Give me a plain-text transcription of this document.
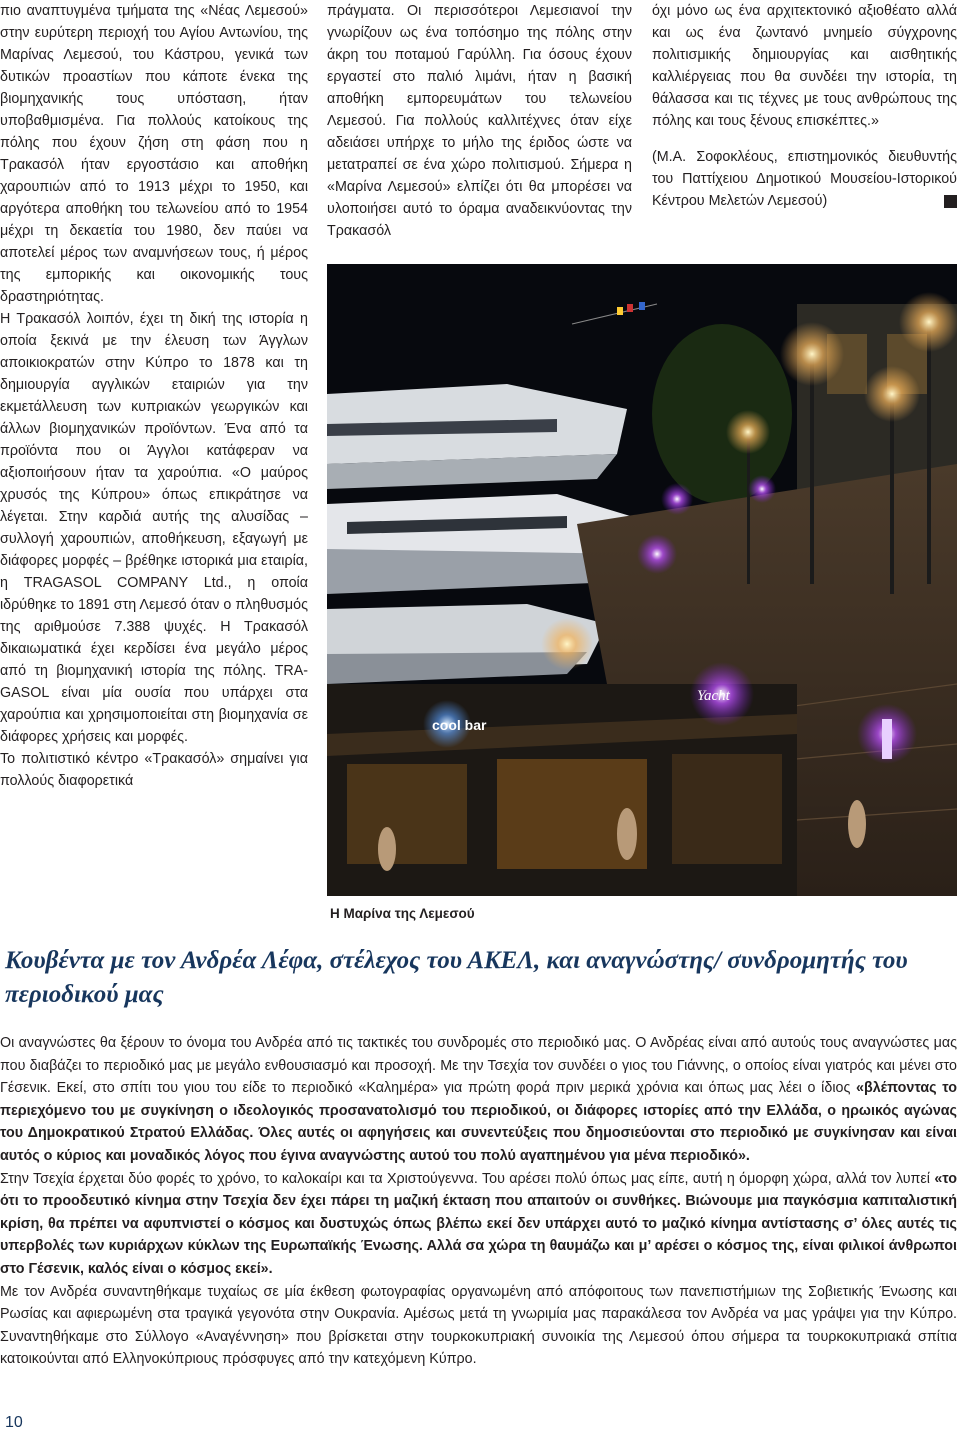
πιο αναπτυγμένα τμήματα της «Νέας Λεμεσού» στην ευρύτερη περιοχή του Αγίου Αντωνίου, της Μαρίνας Λεμεσού, του Κάστρου, γενικά των δυτικών προαστίων που κάποτε ένεκα της βιομηχανικής τους υπόσταση, ήταν υποβαθμισμένα. Για πολλούς κατοίκους της πόλης που έχουν ζήση στη φάση που η Τρακασόλ ήταν εργοστάσιο και αποθήκη χαρουπιών από το 1913 μέχρι το 1950, και αργότερα αποθήκη του τελωνείου από το 1954 μέχρι τη δεκαετία του 1980, δεν παύει να αποτελεί μέρος των αναμνήσεων τους, ή μέρος της εμπορικής και οικονομικής τους δραστηριότητας.

Η Τρακασόλ λοιπόν, έχει τη δική της ιστορία η οποία ξεκινά με την έλευση των Άγγλων αποικιοκρατών στην Κύπρο το 1878 και τη δημιουργία αγγλικών εταιριών για την εκμετάλλευση των κυπριακών γεωργικών και άλλων βιομηχανικών προϊόντων. Ένα από τα προϊόντα που οι Άγγλοι κατάφεραν να αξιοποιήσουν ήταν τα χαρούπια. «Ο μαύρος χρυσός της Κύπρου» όπως επικράτησε να λέγεται. Στην καρδιά αυτής της αλυσίδας – συλλογή χαρουπιών, αποθήκευση, εξαγωγή με διάφορες μορφές – βρέθηκε ιστορικά μια εταιρία, η TRAGASOL COMPANY Ltd., η οποία ιδρύθηκε το 1891 στη Λεμεσό όταν ο πληθυσμός της αριθμούσε 7.388 ψυχές. Η Τρακασόλ δικαιωματικά έχει κερδίσει ένα μεγάλο μέρος από τη βιομηχανική ιστορία της πόλης. TRA-GASOL είναι μία ουσία που υπάρχει στα χαρούπια και χρησιμοποιείται στη βιομηχανία σε διάφορες χρήσεις και μορφές.

Το πολιτιστικό κέντρο «Τρακασόλ» σημαίνει για πολλούς διαφορετικά

πράγματα. Οι περισσότεροι Λεμεσιανοί την γνωρίζουν ως ένα τοπόσημο της πόλης στην άκρη του ποταμού Γαρύλλη. Για όσους έχουν εργαστεί στο παλιό λιμάνι, ήταν η βασική αποθήκη εμπορευμάτων του τελωνείου Λεμεσού. Για πολλούς καλλιτέχνες όταν είχε αδειάσει υπήρχε το μήλο της έριδος ώστε να μετατραπεί σε ένα χώρο πολιτισμού. Σήμερα η «Μαρίνα Λεμεσού» ελπίζει ότι θα μπορέσει να υλοποιήσει αυτό το όραμα αναδεικνύοντας την Τρακασόλ

όχι μόνο ως ένα αρχιτεκτονικό αξιοθέατο αλλά και ως ένα ζωντανό μνημείο σύγχρονης πολιτισμικής δημιουργίας και αισθητικής καλλιέργειας που θα συνδέει την ιστορία, τη θάλασσα και τις τέχνες με τους ανθρώπους της πόλης και τους ξένους επισκέπτες.»

(Μ.Α. Σοφοκλέους, επιστημονικός διευθυντής του Παττίχειου Δημοτικού Μουσείου-Ιστορικού Κέντρου Μελετών Λεμεσού)

cool bar
Yacht
Η Μαρίνα της Λεμεσού
Κουβέντα με τον Ανδρέα Λέφα, στέλεχος του ΑΚΕΛ, και αναγνώστης/ συνδρομητής του περιοδικού μας

Οι αναγνώστες θα ξέρουν το όνομα του Ανδρέα από τις τακτικές του συνδρομές στο περιοδικό μας. Ο Ανδρέας είναι από αυτούς τους αναγνώστες μας που διαβάζει το περιοδικό μας με μεγάλο ενθουσιασμό και προσοχή. Με την Τσεχία τον συνδέει ο γιος του Γιάννης, ο οποίος είναι γιατρός και μένει στο Γέσενικ. Εκεί, στο σπίτι του γιου του είδε το περιοδικό «Καλημέρα» για πρώτη φορά πριν μερικά χρόνια και όπως μας λέει ο ίδιος «βλέποντας το περιεχόμενο του με συγκίνηση ο ιδεολογικός προσανατολισμό του περιοδικού, οι διάφορες ιστορίες από την Ελλάδα, ο ηρωικός αγώνας του Δημοκρατικού Στρατού Ελλάδας. Όλες αυτές οι αφηγήσεις και συνεντεύξεις που δημοσιεύονται στο περιοδικό με συγκίνησαν και είναι αυτός ο κύριος και μοναδικός λόγος που έγινα αναγνώστης αυτού του πολύ αγαπημένου για μένα περιοδικό».

Στην Τσεχία έρχεται δύο φορές το χρόνο, το καλοκαίρι και τα Χριστούγεννα. Του αρέσει πολύ όπως μας είπε, αυτή η όμορφη χώρα, αλλά τον λυπεί «το ότι το προοδευτικό κίνημα στην Τσεχία δεν έχει πάρει τη μαζική έκταση που απαιτούν οι συνθήκες. Βιώνουμε μια παγκόσμια καπιταλιστική κρίση, θα πρέπει να αφυπνιστεί ο κόσμος και δυστυχώς όπως βλέπω εκεί δεν υπάρχει αυτό το μαζικό κίνημα αντίστασης σ’ όλες αυτές τις υπερβολές των κυριάρχων κύκλων της Ευρωπαϊκής Ένωσης. Αλλά σα χώρα τη θαυμάζω και μ’ αρέσει ο κόσμος της, είναι φιλικοί άνθρωποι στο Γέσενικ, καλός είναι ο κόσμος εκεί».

Με τον Ανδρέα συναντηθήκαμε τυχαίως σε μία έκθεση φωτογραφίας οργανωμένη από απόφοιτους των πανεπιστήμιων της Σοβιετικής Ένωσης και Ρωσίας και αφιερωμένη στα τραγικά γεγονότα στην Ουκρανία. Αμέσως μετά τη γνωριμία μας παρακάλεσα τον Ανδρέα να μας γράψει για την Κύπρο. Συναντηθήκαμε στο Σύλλογο «Αναγέννηση» που βρίσκεται στην τουρκοκυπριακή συνοικία της Λεμεσού όπου σήμερα τα τουρκοκυπριακά σπίτια κατοικούνται από Ελληνοκύπριους πρόσφυγες από την κατεχόμενη Κύπρο.

10
